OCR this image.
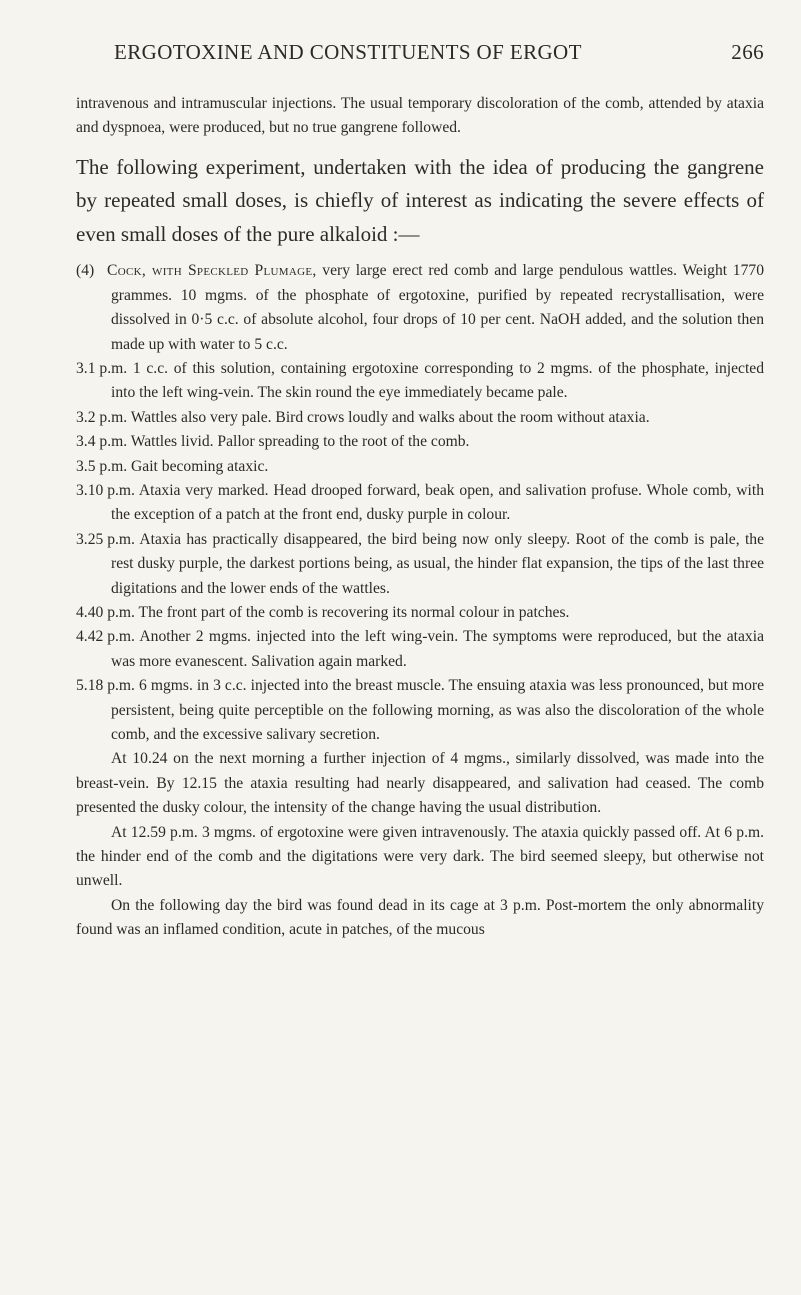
ERGOTOXINE AND CONSTITUENTS OF ERGOT	266

intravenous and intramuscular injections. The usual temporary discoloration of the comb, attended by ataxia and dyspnoea, were produced, but no true gangrene followed.

The following experiment, undertaken with the idea of producing the gangrene by repeated small doses, is chiefly of interest as indicating the severe effects of even small doses of the pure alkaloid :—

(4) Cock, with Speckled Plumage, very large erect red comb and large pendulous wattles. Weight 1770 grammes. 10 mgms. of the phosphate of ergotoxine, purified by repeated recrystallisation, were dissolved in 0·5 c.c. of absolute alcohol, four drops of 10 per cent. NaOH added, and the solution then made up with water to 5 c.c.

3.1 p.m. 1 c.c. of this solution, containing ergotoxine corresponding to 2 mgms. of the phosphate, injected into the left wing-vein. The skin round the eye immediately became pale.

3.2 p.m. Wattles also very pale. Bird crows loudly and walks about the room without ataxia.

3.4 p.m. Wattles livid. Pallor spreading to the root of the comb.

3.5 p.m. Gait becoming ataxic.

3.10 p.m. Ataxia very marked. Head drooped forward, beak open, and salivation profuse. Whole comb, with the exception of a patch at the front end, dusky purple in colour.

3.25 p.m. Ataxia has practically disappeared, the bird being now only sleepy. Root of the comb is pale, the rest dusky purple, the darkest portions being, as usual, the hinder flat expansion, the tips of the last three digitations and the lower ends of the wattles.

4.40 p.m. The front part of the comb is recovering its normal colour in patches.

4.42 p.m. Another 2 mgms. injected into the left wing-vein. The symptoms were reproduced, but the ataxia was more evanescent. Salivation again marked.

5.18 p.m. 6 mgms. in 3 c.c. injected into the breast muscle. The ensuing ataxia was less pronounced, but more persistent, being quite perceptible on the following morning, as was also the discoloration of the whole comb, and the excessive salivary secretion.

At 10.24 on the next morning a further injection of 4 mgms., similarly dissolved, was made into the breast-vein. By 12.15 the ataxia resulting had nearly disappeared, and salivation had ceased. The comb presented the dusky colour, the intensity of the change having the usual distribution.

At 12.59 p.m. 3 mgms. of ergotoxine were given intravenously. The ataxia quickly passed off. At 6 p.m. the hinder end of the comb and the digitations were very dark. The bird seemed sleepy, but otherwise not unwell.

On the following day the bird was found dead in its cage at 3 p.m. Post-mortem the only abnormality found was an inflamed condition, acute in patches, of the mucous
